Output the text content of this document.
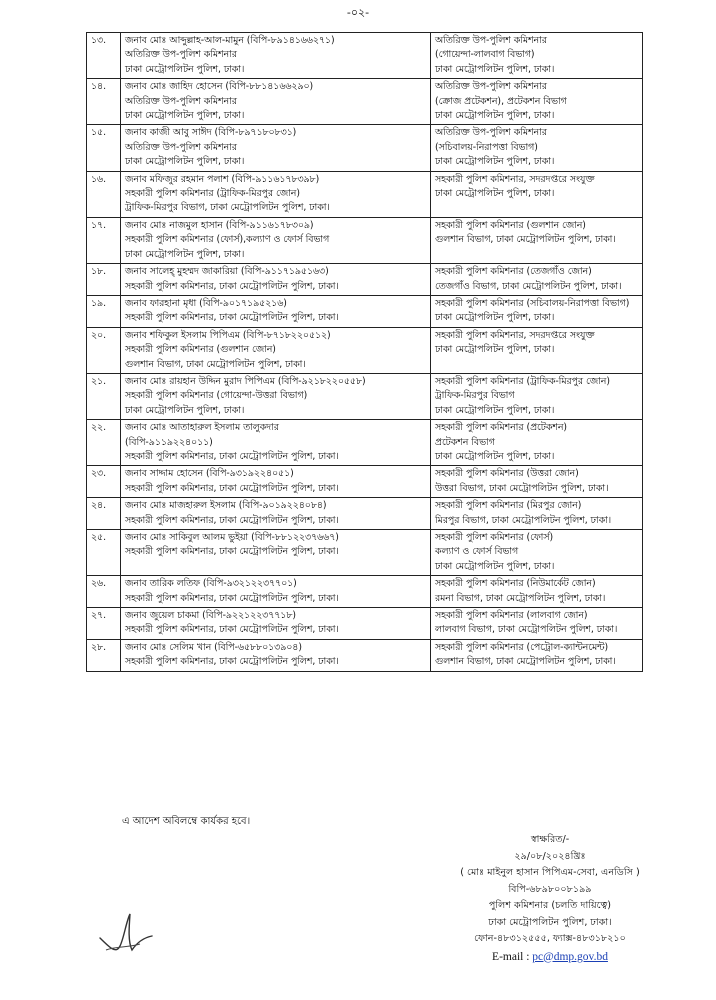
-০২-
১৩.	জনাব মোঃ আব্দুল্লাহ-আল-মামুন (বিপি-৮৯১৪১৬৬২৭১)
অতিরিক্ত উপ-পুলিশ কমিশনার
ঢাকা মেট্রোপলিটন পুলিশ, ঢাকা।	অতিরিক্ত উপ-পুলিশ কমিশনার
(গোয়েন্দা-লালবাগ বিভাগ)
ঢাকা মেট্রোপলিটন পুলিশ, ঢাকা।

১৪.	জনাব মোঃ জাহিদ হোসেন (বিপি-৮৮১৪১৬৬২৯০)
অতিরিক্ত উপ-পুলিশ কমিশনার
ঢাকা মেট্রোপলিটন পুলিশ, ঢাকা।	অতিরিক্ত উপ-পুলিশ কমিশনার
(ক্রোজ প্রটেকশন), প্রটেকশন বিভাগ
ঢাকা মেট্রোপলিটন পুলিশ, ঢাকা।

১৫.	জনাব কাজী আবু সাঈদ (বিপি-৮৯৭১৮০৮৩১)
অতিরিক্ত উপ-পুলিশ কমিশনার
ঢাকা মেট্রোপলিটন পুলিশ, ঢাকা।	অতিরিক্ত উপ-পুলিশ কমিশনার
(সচিবালয়-নিরাপত্তা বিভাগ)
ঢাকা মেট্রোপলিটন পুলিশ, ঢাকা।

১৬.	জনাব মফিজুর রহমান পলাশ (বিপি-৯১১৬১৭৮৩৯৮)
সহকারী পুলিশ কমিশনার (ট্রাফিক-মিরপুর জোন)
ট্রাফিক-মিরপুর বিভাগ, ঢাকা মেট্রোপলিটন পুলিশ, ঢাকা।	সহকারী পুলিশ কমিশনার, সদরদপ্তরে সংযুক্ত
ঢাকা মেট্রোপলিটন পুলিশ, ঢাকা।

১৭.	জনাব মোঃ নাজমুল হাসান (বিপি-৯১১৬১৭৮৩০৯)
সহকারী পুলিশ কমিশনার (ফোর্স),কল্যাণ ও ফোর্স বিভাগ
ঢাকা মেট্রোপলিটন পুলিশ, ঢাকা।	সহকারী পুলিশ কমিশনার (গুলশান জোন)
গুলশান বিভাগ, ঢাকা মেট্রোপলিটন পুলিশ, ঢাকা।

১৮.	জনাব সালেহ্ মুহম্মদ জাকারিয়া (বিপি-৯১১৭১৯৫১৬৩)
সহকারী পুলিশ কমিশনার, ঢাকা মেট্রোপলিটন পুলিশ, ঢাকা।	সহকারী পুলিশ কমিশনার (তেজগাঁও জোন)
তেজগাঁও বিভাগ, ঢাকা মেট্রোপলিটন পুলিশ, ঢাকা।

১৯.	জনাব ফারহানা মৃধা (বিপি-৯০১৭১৯৫২১৬)
সহকারী পুলিশ কমিশনার, ঢাকা মেট্রোপলিটন পুলিশ, ঢাকা।	সহকারী পুলিশ কমিশনার (সচিবালয়-নিরাপত্তা বিভাগ)
ঢাকা মেট্রোপলিটন পুলিশ, ঢাকা।

২০.	জনাব শফিকুল ইসলাম পিপিএম (বিপি-৮৭১৮২২০৫১২)
সহকারী পুলিশ কমিশনার (গুলশান জোন)
গুলশান বিভাগ, ঢাকা মেট্রোপলিটন পুলিশ, ঢাকা।	সহকারী পুলিশ কমিশনার, সদরদপ্তরে সংযুক্ত
ঢাকা মেট্রোপলিটন পুলিশ, ঢাকা।

২১.	জনাব মোঃ রায়হান উদ্দিন মুরাদ পিপিএম (বিপি-৯২১৮২২০৫৫৮)
সহকারী পুলিশ কমিশনার (গোয়েন্দা-উত্তরা বিভাগ)
ঢাকা মেট্রোপলিটন পুলিশ, ঢাকা।	সহকারী পুলিশ কমিশনার (ট্রাফিক-মিরপুর জোন)
ট্রাফিক-মিরপুর বিভাগ
ঢাকা মেট্রোপলিটন পুলিশ, ঢাকা।

২২.	জনাব মোঃ আতাহারুল ইসলাম তালুকদার
(বিপি-৯১১৯২২৪০১১)
সহকারী পুলিশ কমিশনার, ঢাকা মেট্রোপলিটন পুলিশ, ঢাকা।	সহকারী পুলিশ কমিশনার (প্রটেকশন)
প্রটেকশন বিভাগ
ঢাকা মেট্রোপলিটন পুলিশ, ঢাকা।

২৩.	জনাব সাদ্দাম হোসেন (বিপি-৯৩১৯২২৪০৫১)
সহকারী পুলিশ কমিশনার, ঢাকা মেট্রোপলিটন পুলিশ, ঢাকা।	সহকারী পুলিশ কমিশনার (উত্তরা জোন)
উত্তরা বিভাগ, ঢাকা মেট্রোপলিটন পুলিশ, ঢাকা।

২৪.	জনাব মোঃ মাজহারুল ইসলাম (বিপি-৯০১৯২২৪০৮৪)
সহকারী পুলিশ কমিশনার, ঢাকা মেট্রোপলিটন পুলিশ, ঢাকা।	সহকারী পুলিশ কমিশনার (মিরপুর জোন)
মিরপুর বিভাগ, ঢাকা মেট্রোপলিটন পুলিশ, ঢাকা।

২৫.	জনাব মোঃ সাকিবুল আলম ভুইয়া (বিপি-৮৮১২২৩৭৬৬৭)
সহকারী পুলিশ কমিশনার, ঢাকা মেট্রোপলিটন পুলিশ, ঢাকা।	সহকারী পুলিশ কমিশনার (ফোর্স)
কল্যাণ ও ফোর্স বিভাগ
ঢাকা মেট্রোপলিটন পুলিশ, ঢাকা।

২৬.	জনাব তারিক লতিফ (বিপি-৯৩২১২২৩৭৭০১)
সহকারী পুলিশ কমিশনার, ঢাকা মেট্রোপলিটন পুলিশ, ঢাকা।	সহকারী পুলিশ কমিশনার (নিউমার্কেট জোন)
রমনা বিভাগ, ঢাকা মেট্রোপলিটন পুলিশ, ঢাকা।

২৭.	জনাব জুয়েল চাকমা (বিপি-৯২২১২২৩৭৭১৮)
সহকারী পুলিশ কমিশনার, ঢাকা মেট্রোপলিটন পুলিশ, ঢাকা।	সহকারী পুলিশ কমিশনার (লালবাগ জোন)
লালবাগ বিভাগ, ঢাকা মেট্রোপলিটন পুলিশ, ঢাকা।

২৮.	জনাব মোঃ সেলিম খান (বিপি-৬৫৮৮০১৩৯০৪)
সহকারী পুলিশ কমিশনার, ঢাকা মেট্রোপলিটন পুলিশ, ঢাকা।	সহকারী পুলিশ কমিশনার (পেট্রোল-ক্যান্টনমেন্ট)
গুলশান বিভাগ, ঢাকা মেট্রোপলিটন পুলিশ, ঢাকা।
এ আদেশ অবিলম্বে কার্যকর হবে।
স্বাক্ষরিত/-
২৯/০৮/২০২৪খ্রিঃ
( মোঃ মাইনুল হাসান পিপিএম-সেবা, এনডিসি )
বিপি-৬৮৯৮০০৮১৯৯
পুলিশ কমিশনার (চলতি দায়িত্বে)
ঢাকা মেট্রোপলিটন পুলিশ, ঢাকা।
ফোন-৪৮৩১২৫৫৫, ফ্যাক্স-৪৮৩১৮২১০
E-mail : pc@dmp.gov.bd
